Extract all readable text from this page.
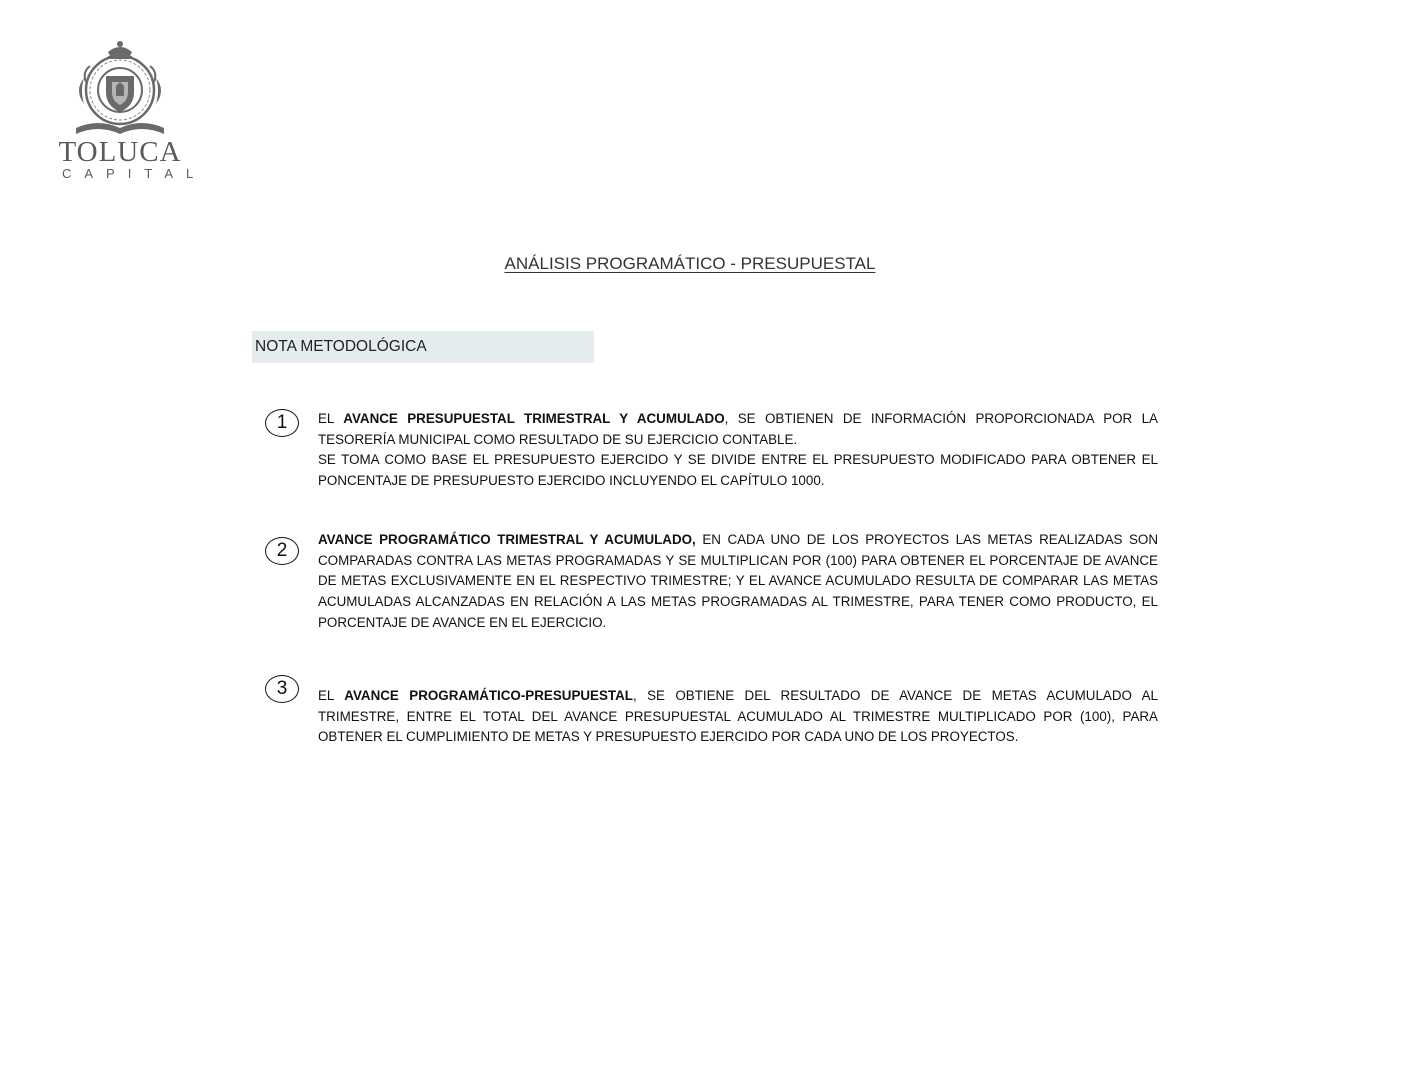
TOLUCA
CAPITAL
ANÁLISIS PROGRAMÁTICO - PRESUPUESTAL
NOTA METODOLÓGICA
1	EL AVANCE PRESUPUESTAL TRIMESTRAL Y ACUMULADO, SE OBTIENEN DE INFORMACIÓN PROPORCIONADA POR LA TESORERÍA MUNICIPAL COMO RESULTADO DE SU EJERCICIO CONTABLE.
SE TOMA COMO BASE EL PRESUPUESTO EJERCIDO Y SE DIVIDE ENTRE EL PRESUPUESTO MODIFICADO PARA OBTENER EL PONCENTAJE DE PRESUPUESTO EJERCIDO INCLUYENDO EL CAPÍTULO 1000.
2
AVANCE PROGRAMÁTICO TRIMESTRAL Y ACUMULADO, EN CADA UNO DE LOS PROYECTOS LAS METAS REALIZADAS SON COMPARADAS CONTRA LAS METAS PROGRAMADAS Y SE MULTIPLICAN POR (100) PARA OBTENER EL PORCENTAJE DE AVANCE DE METAS EXCLUSIVAMENTE EN EL RESPECTIVO TRIMESTRE; Y EL AVANCE ACUMULADO RESULTA DE COMPARAR LAS METAS ACUMULADAS ALCANZADAS EN RELACIÓN A LAS METAS PROGRAMADAS AL TRIMESTRE, PARA TENER COMO PRODUCTO, EL PORCENTAJE DE AVANCE EN EL EJERCICIO.
3	EL AVANCE PROGRAMÁTICO-PRESUPUESTAL, SE OBTIENE DEL RESULTADO DE AVANCE DE METAS ACUMULADO AL TRIMESTRE, ENTRE EL TOTAL DEL AVANCE PRESUPUESTAL ACUMULADO AL TRIMESTRE MULTIPLICADO POR (100), PARA OBTENER EL CUMPLIMIENTO DE METAS Y PRESUPUESTO EJERCIDO POR CADA UNO DE LOS PROYECTOS.
